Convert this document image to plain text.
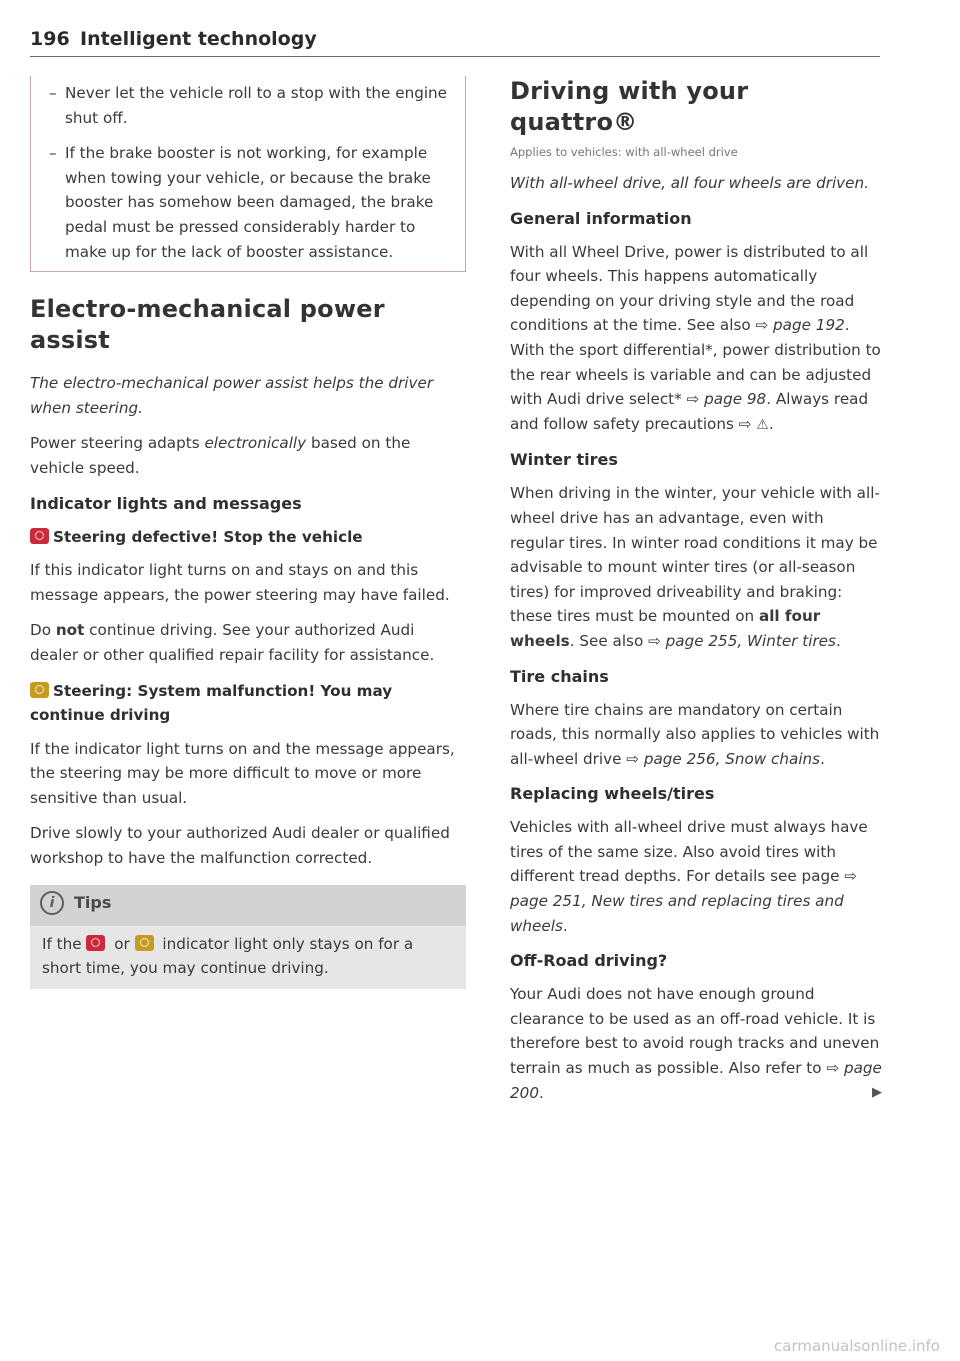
196 Intelligent technology

– Never let the vehicle roll to a stop with the engine shut off.

– If the brake booster is not working, for example when towing your vehicle, or because the brake booster has somehow been damaged, the brake pedal must be pressed considerably harder to make up for the lack of booster assistance.

Electro-mechanical power assist

The electro-mechanical power assist helps the driver when steering.

Power steering adapts electronically based on the vehicle speed.

Indicator lights and messages
Steering defective! Stop the vehicle

If this indicator light turns on and stays on and this message appears, the power steering may have failed.

Do not continue driving. See your authorized Audi dealer or other qualified repair facility for assistance.

Steering: System malfunction! You may continue driving

If the indicator light turns on and the message appears, the steering may be more difficult to move or more sensitive than usual.

Drive slowly to your authorized Audi dealer or qualified workshop to have the malfunction corrected.

i Tips
If the  or  indicator light only stays on for a short time, you may continue driving.
Driving with your quattro®
Applies to vehicles: with all-wheel drive

With all-wheel drive, all four wheels are driven.

General information

With all Wheel Drive, power is distributed to all four wheels. This happens automatically depending on your driving style and the road conditions at the time. See also ⇨ page 192. With the sport differential*, power distribution to the rear wheels is variable and can be adjusted with Audi drive select* ⇨ page 98. Always read and follow safety precautions ⇨ ⚠.

Winter tires

When driving in the winter, your vehicle with all-wheel drive has an advantage, even with regular tires. In winter road conditions it may be advisable to mount winter tires (or all-season tires) for improved driveability and braking: these tires must be mounted on all four wheels. See also ⇨ page 255, Winter tires.

Tire chains

Where tire chains are mandatory on certain roads, this normally also applies to vehicles with all-wheel drive ⇨ page 256, Snow chains.

Replacing wheels/tires

Vehicles with all-wheel drive must always have tires of the same size. Also avoid tires with different tread depths. For details see page ⇨ page 251, New tires and replacing tires and wheels.

Off-Road driving?

Your Audi does not have enough ground clearance to be used as an off-road vehicle. It is therefore best to avoid rough tracks and uneven terrain as much as possible. Also refer to ⇨ page 200.	▶

carmanualsonline.info
